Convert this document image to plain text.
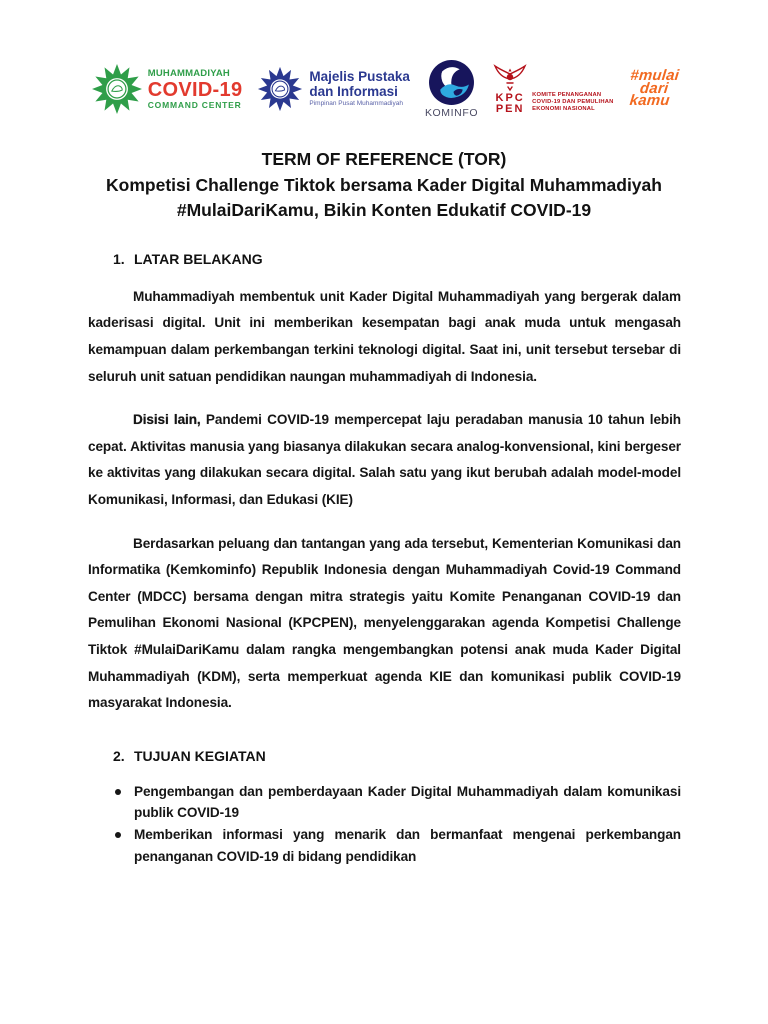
MUHAMMADIYAH
COVID-19
COMMAND CENTER
Majelis Pustaka
dan Informasi
Pimpinan Pusat Muhammadiyah
KOMINFO
KPC
PEN
KOMITE PENANGANAN
COVID-19 DAN PEMULIHAN
EKONOMI NASIONAL
#mulai
dari
kamu
TERM OF REFERENCE (TOR)
Kompetisi Challenge Tiktok bersama Kader Digital Muhammadiyah
#MulaiDariKamu, Bikin Konten Edukatif COVID-19
1. LATAR BELAKANG

Muhammadiyah membentuk unit Kader Digital Muhammadiyah yang bergerak dalam kaderisasi digital. Unit ini memberikan kesempatan bagi anak muda untuk mengasah kemampuan dalam perkembangan terkini teknologi digital. Saat ini, unit tersebut tersebar di seluruh unit satuan pendidikan naungan muhammadiyah di Indonesia.

Disisi lain, Pandemi COVID-19 mempercepat laju peradaban manusia 10 tahun lebih cepat. Aktivitas manusia yang biasanya dilakukan secara analog-konvensional, kini bergeser ke aktivitas yang dilakukan secara digital. Salah satu yang ikut berubah adalah model-model Komunikasi, Informasi, dan Edukasi (KIE)

Berdasarkan peluang dan tantangan yang ada tersebut, Kementerian Komunikasi dan Informatika (Kemkominfo) Republik Indonesia dengan Muhammadiyah Covid-19 Command Center (MDCC) bersama dengan mitra strategis yaitu Komite Penanganan COVID-19 dan Pemulihan Ekonomi Nasional (KPCPEN), menyelenggarakan agenda Kompetisi Challenge Tiktok #MulaiDariKamu dalam rangka mengembangkan potensi anak muda Kader Digital Muhammadiyah (KDM), serta memperkuat agenda KIE dan komunikasi publik COVID-19 masyarakat Indonesia.

2. TUJUAN KEGIATAN
Pengembangan dan pemberdayaan Kader Digital Muhammadiyah dalam komunikasi publik COVID-19
Memberikan informasi yang menarik dan bermanfaat mengenai perkembangan penanganan COVID-19 di bidang pendidikan
